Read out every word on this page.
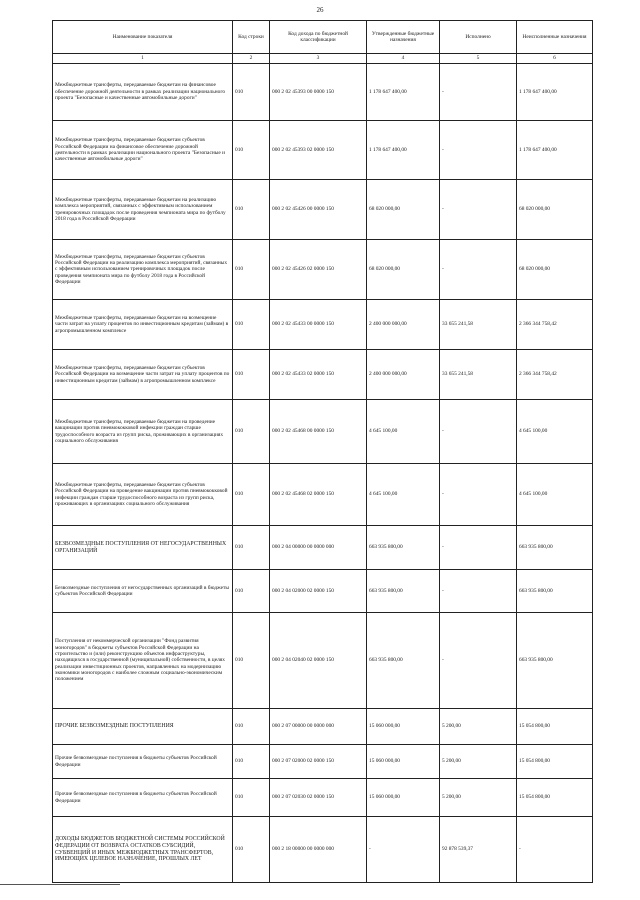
26
Наименование показателя	Код строки	Код дохода по бюджетной классификации	Утвержденные бюджетные назначения	Исполнено	Неисполненные назначения
1	2	3	4	5	6

Межбюджетные трансферты, передаваемые бюджетам на финансовое обеспечение дорожной деятельности в рамках реализации национального проекта "Безопасные и качественные автомобильные дороги"	010	000 2 02 45393 00 0000 150	1 178 647 400,00	-	1 178 647 400,00

Межбюджетные трансферты, передаваемые бюджетам субъектов Российской Федерации на финансовое обеспечение дорожной деятельности в рамках реализации национального проекта "Безопасные и качественные автомобильные дороги"	010	000 2 02 45393 02 0000 150	1 178 647 400,00	-	1 178 647 400,00

Межбюджетные трансферты, передаваемые бюджетам на реализацию комплекса мероприятий, связанных с эффективным использованием тренировочных площадок после проведения чемпионата мира по футболу 2018 года в Российской Федерации	010	000 2 02 45426 00 0000 150	68 020 000,00	-	68 020 000,00

Межбюджетные трансферты, передаваемые бюджетам субъектов Российской Федерации на реализацию комплекса мероприятий, связанных с эффективным использованием тренировочных площадок после проведения чемпионата мира по футболу 2018 года в Российской Федерации	010	000 2 02 45426 02 0000 150	68 020 000,00	-	68 020 000,00

Межбюджетные трансферты, передаваемые бюджетам на возмещение части затрат на уплату процентов по инвестиционным кредитам (займам) в агропромышленном комплексе	010	000 2 02 45433 00 0000 150	2 400 000 000,00	33 655 241,58	2 366 344 758,42

Межбюджетные трансферты, передаваемые бюджетам субъектов Российской Федерации на возмещение части затрат на уплату процентов по инвестиционным кредитам (займам) в агропромышленном комплексе	010	000 2 02 45433 02 0000 150	2 400 000 000,00	33 655 241,58	2 366 344 758,42

Межбюджетные трансферты, передаваемые бюджетам на проведение вакцинации против пневмококковой инфекции граждан старше трудоспособного возраста из групп риска, проживающих в организациях социального обслуживания	010	000 2 02 45468 00 0000 150	4 645 100,00	-	4 645 100,00

Межбюджетные трансферты, передаваемые бюджетам субъектов Российской Федерации на проведение вакцинации против пневмококковой инфекции граждан старше трудоспособного возраста из групп риска, проживающих в организациях социального обслуживания	010	000 2 02 45468 02 0000 150	4 645 100,00	-	4 645 100,00

БЕЗВОЗМЕЗДНЫЕ ПОСТУПЛЕНИЯ ОТ НЕГОСУДАРСТВЕННЫХ ОРГАНИЗАЦИЙ	010	000 2 04 00000 00 0000 000	663 935 800,00	-	663 935 800,00

Безвозмездные поступления от негосударственных организаций в бюджеты субъектов Российской Федерации	010	000 2 04 02000 02 0000 150	663 935 800,00	-	663 935 800,00

Поступления от некоммерческой организации "Фонд развития моногородов" в бюджеты субъектов Российской Федерации на строительство и (или) реконструкцию объектов инфраструктуры, находящихся в государственной (муниципальной) собственности, в целях реализации инвестиционных проектов, направленных на модернизацию экономики моногородов с наиболее сложным социально-экономическим положением	010	000 2 04 02040 02 0000 150	663 935 800,00	-	663 935 800,00

ПРОЧИЕ БЕЗВОЗМЕЗДНЫЕ ПОСТУПЛЕНИЯ	010	000 2 07 00000 00 0000 000	15 060 000,00	5 200,00	15 054 800,00

Прочие безвозмездные поступления в бюджеты субъектов Российской Федерации	010	000 2 07 02000 02 0000 150	15 060 000,00	5 200,00	15 054 800,00

Прочие безвозмездные поступления в бюджеты субъектов Российской Федерации	010	000 2 07 02030 02 0000 150	15 060 000,00	5 200,00	15 054 800,00

ДОХОДЫ БЮДЖЕТОВ БЮДЖЕТНОЙ СИСТЕМЫ РОССИЙСКОЙ ФЕДЕРАЦИИ ОТ ВОЗВРАТА ОСТАТКОВ СУБСИДИЙ, СУБВЕНЦИЙ И ИНЫХ МЕЖБЮДЖЕТНЫХ ТРАНСФЕРТОВ, ИМЕЮЩИХ ЦЕЛЕВОЕ НАЗНАЧЕНИЕ, ПРОШЛЫХ ЛЕТ	010	000 2 18 00000 00 0000 000	-	92 878 539,37	-
